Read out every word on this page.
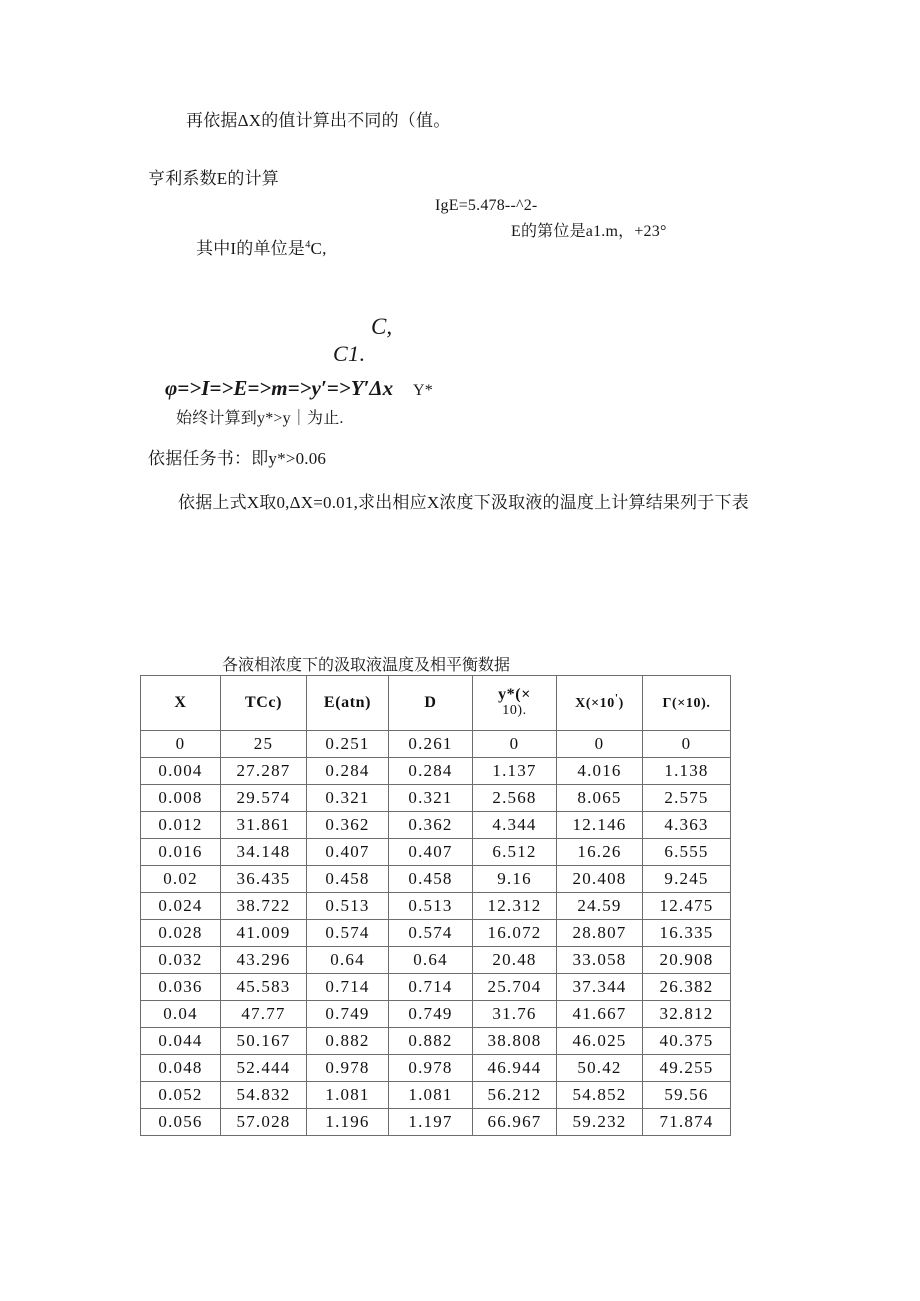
再依据ΔX的值计算出不同的（值。
亨利系数E的计算
IgE=5.478--^2-
E的第位是a1.m，+23°
其中I的单位是$^4$C,
C,
C1.
φ=>I=>E=>m=>y′=>Y′Δx Y*
始终计算到y*>y｜为止.
依据任务书：即y*>0.06
依据上式X取0,ΔX=0.01,求出相应X浓度下汲取液的温度上计算结果列于下表
各液相浓度下的汲取液温度及相平衡数据
X	TCc)	E(atn)	D	y*(×
10).	X(×10')	Γ(×10).
0	25	0.251	0.261	0	0	0
0.004	27.287	0.284	0.284	1.137	4.016	1.138
0.008	29.574	0.321	0.321	2.568	8.065	2.575
0.012	31.861	0.362	0.362	4.344	12.146	4.363
0.016	34.148	0.407	0.407	6.512	16.26	6.555
0.02	36.435	0.458	0.458	9.16	20.408	9.245
0.024	38.722	0.513	0.513	12.312	24.59	12.475
0.028	41.009	0.574	0.574	16.072	28.807	16.335
0.032	43.296	0.64	0.64	20.48	33.058	20.908
0.036	45.583	0.714	0.714	25.704	37.344	26.382
0.04	47.77	0.749	0.749	31.76	41.667	32.812
0.044	50.167	0.882	0.882	38.808	46.025	40.375
0.048	52.444	0.978	0.978	46.944	50.42	49.255
0.052	54.832	1.081	1.081	56.212	54.852	59.56
0.056	57.028	1.196	1.197	66.967	59.232	71.874
